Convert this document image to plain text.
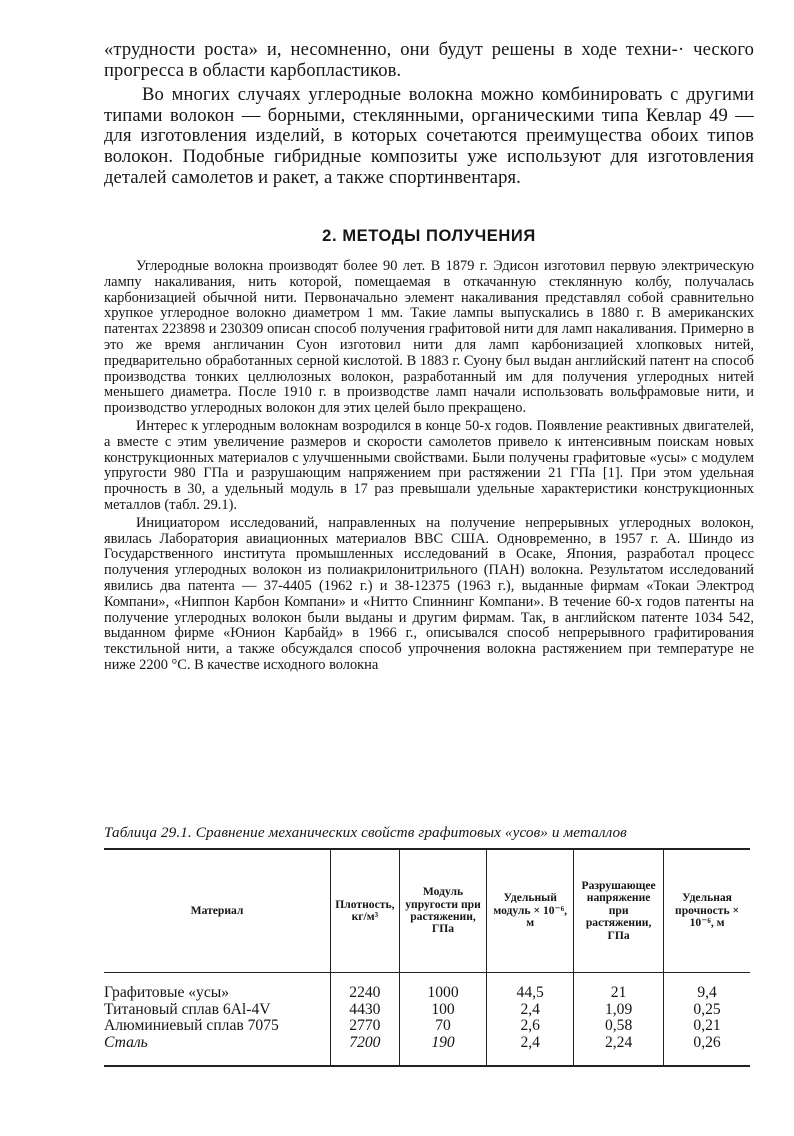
«трудности роста» и, несомненно, они будут решены в ходе техни-· ческого прогресса в области карбопластиков.

Во многих случаях углеродные волокна можно комбинировать с другими типами волокон — борными, стеклянными, органическими типа Кевлар 49 — для изготовления изделий, в которых сочетаются преимущества обоих типов волокон. Подобные гибридные композиты уже используют для изготовления деталей самолетов и ракет, а также спортинвентаря.

2. МЕТОДЫ ПОЛУЧЕНИЯ

Углеродные волокна производят более 90 лет. В 1879 г. Эдисон изготовил первую электрическую лампу накаливания, нить которой, помещаемая в откачанную стеклянную колбу, получалась карбонизацией обычной нити. Первоначально элемент накаливания представлял собой сравнительно хрупкое углеродное волокно диаметром 1 мм. Такие лампы выпускались в 1880 г. В американских патентах 223898 и 230309 описан способ получения графитовой нити для ламп накаливания. Примерно в это же время англичанин Суон изготовил нити для ламп карбонизацией хлопковых нитей, предварительно обработанных серной кислотой. В 1883 г. Суону был выдан английский патент на способ производства тонких целлюлозных волокон, разработанный им для получения углеродных нитей меньшего диаметра. После 1910 г. в производстве ламп начали использовать вольфрамовые нити, и производство углеродных волокон для этих целей было прекращено.

Интерес к углеродным волокнам возродился в конце 50-х годов. Появление реактивных двигателей, а вместе с этим увеличение размеров и скорости самолетов привело к интенсивным поискам новых конструкционных материалов с улучшенными свойствами. Были получены графитовые «усы» с модулем упругости 980 ГПа и разрушающим напряжением при растяжении 21 ГПа [1]. При этом удельная прочность в 30, а удельный модуль в 17 раз превышали удельные характеристики конструкционных металлов (табл. 29.1).

Инициатором исследований, направленных на получение непрерывных углеродных волокон, явилась Лаборатория авиационных материалов ВВС США. Одновременно, в 1957 г. А. Шиндо из Государственного института промышленных исследований в Осаке, Япония, разработал процесс получения углеродных волокон из полиакрилонитрильного (ПАН) волокна. Результатом исследований явились два патента — 37-4405 (1962 г.) и 38-12375 (1963 г.), выданные фирмам «Токаи Электрод Компани», «Ниппон Карбон Компани» и «Нитто Спиннинг Компани». В течение 60-х годов патенты на получение углеродных волокон были выданы и другим фирмам. Так, в английском патенте 1034 542, выданном фирме «Юнион Карбайд» в 1966 г., описывался способ непрерывного графитирования текстильной нити, а также обсуждался способ упрочнения волокна растяжением при температуре не ниже 2200 °С. В качестве исходного волокна

Таблица 29.1. Сравнение механических свойств графитовых «усов» и металлов
Материал	Плотность, кг/м³	Модуль упругости при растяжении, ГПа	Удельный модуль × 10⁻⁶, м	Разрушающее напряжение при растяжении, ГПа	Удельная прочность × 10⁻⁶, м
Графитовые «усы»	2240	1000	44,5	21	9,4
Титановый сплав 6Al-4V	4430	100	2,4	1,09	0,25
Алюминиевый сплав 7075	2770	70	2,6	0,58	0,21
Сталь	7200	190	2,4	2,24	0,26
